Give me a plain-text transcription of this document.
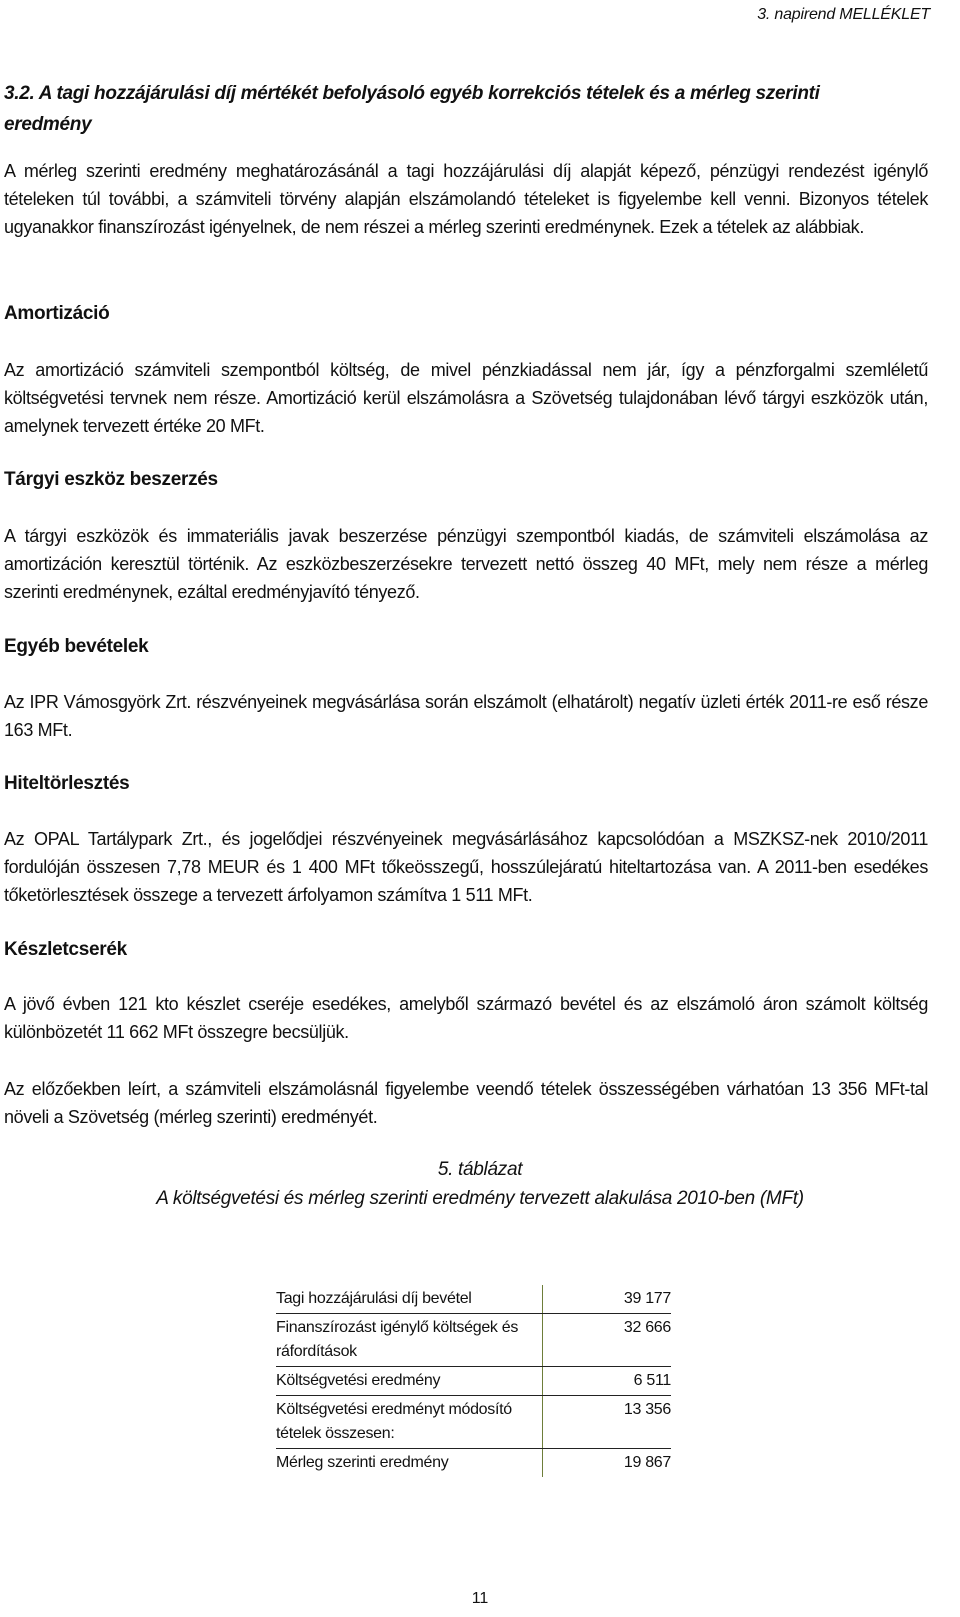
3. napirend MELLÉKLET
3.2. A tagi hozzájárulási díj mértékét befolyásoló egyéb korrekciós tételek és a mérleg szerinti eredmény

A mérleg szerinti eredmény meghatározásánál a tagi hozzájárulási díj alapját képező, pénzügyi rendezést igénylő tételeken túl további, a számviteli törvény alapján elszámolandó tételeket is figyelembe kell venni. Bizonyos tételek ugyanakkor finanszírozást igényelnek, de nem részei a mérleg szerinti eredménynek. Ezek a tételek az alábbiak.

Amortizáció

Az amortizáció számviteli szempontból költség, de mivel pénzkiadással nem jár, így a pénzforgalmi szemléletű költségvetési tervnek nem része. Amortizáció kerül elszámolásra a Szövetség tulajdonában lévő tárgyi eszközök után, amelynek tervezett értéke 20 MFt.

Tárgyi eszköz beszerzés

A tárgyi eszközök és immateriális javak beszerzése pénzügyi szempontból kiadás, de számviteli elszámolása az amortizáción keresztül történik. Az eszközbeszerzésekre tervezett nettó összeg 40 MFt, mely nem része a mérleg szerinti eredménynek, ezáltal eredményjavító tényező.

Egyéb bevételek

Az IPR Vámosgyörk Zrt. részvényeinek megvásárlása során elszámolt (elhatárolt) negatív üzleti érték 2011-re eső része 163 MFt.

Hiteltörlesztés

Az OPAL Tartálypark Zrt., és jogelődjei részvényeinek megvásárlásához kapcsolódóan a MSZKSZ-nek 2010/2011 fordulóján összesen 7,78 MEUR és 1 400 MFt tőkeösszegű, hosszúlejáratú hiteltartozása van. A 2011-ben esedékes tőketörlesztések összege a tervezett árfolyamon számítva 1 511 MFt.

Készletcserék

A jövő évben 121 kto készlet cseréje esedékes, amelyből származó bevétel és az elszámoló áron számolt költség különbözetét 11 662 MFt összegre becsüljük.

Az előzőekben leírt, a számviteli elszámolásnál figyelembe veendő tételek összességében várhatóan 13 356 MFt-tal növeli a Szövetség (mérleg szerinti) eredményét.

5. táblázat
A költségvetési és mérleg szerinti eredmény tervezett alakulása 2010-ben (MFt)
Tagi hozzájárulási díj bevétel	39 177
Finanszírozást igénylő költségek és ráfordítások	32 666
Költségvetési eredmény	6 511
Költségvetési eredményt módosító tételek összesen:	13 356
Mérleg szerinti eredmény	19 867
11
